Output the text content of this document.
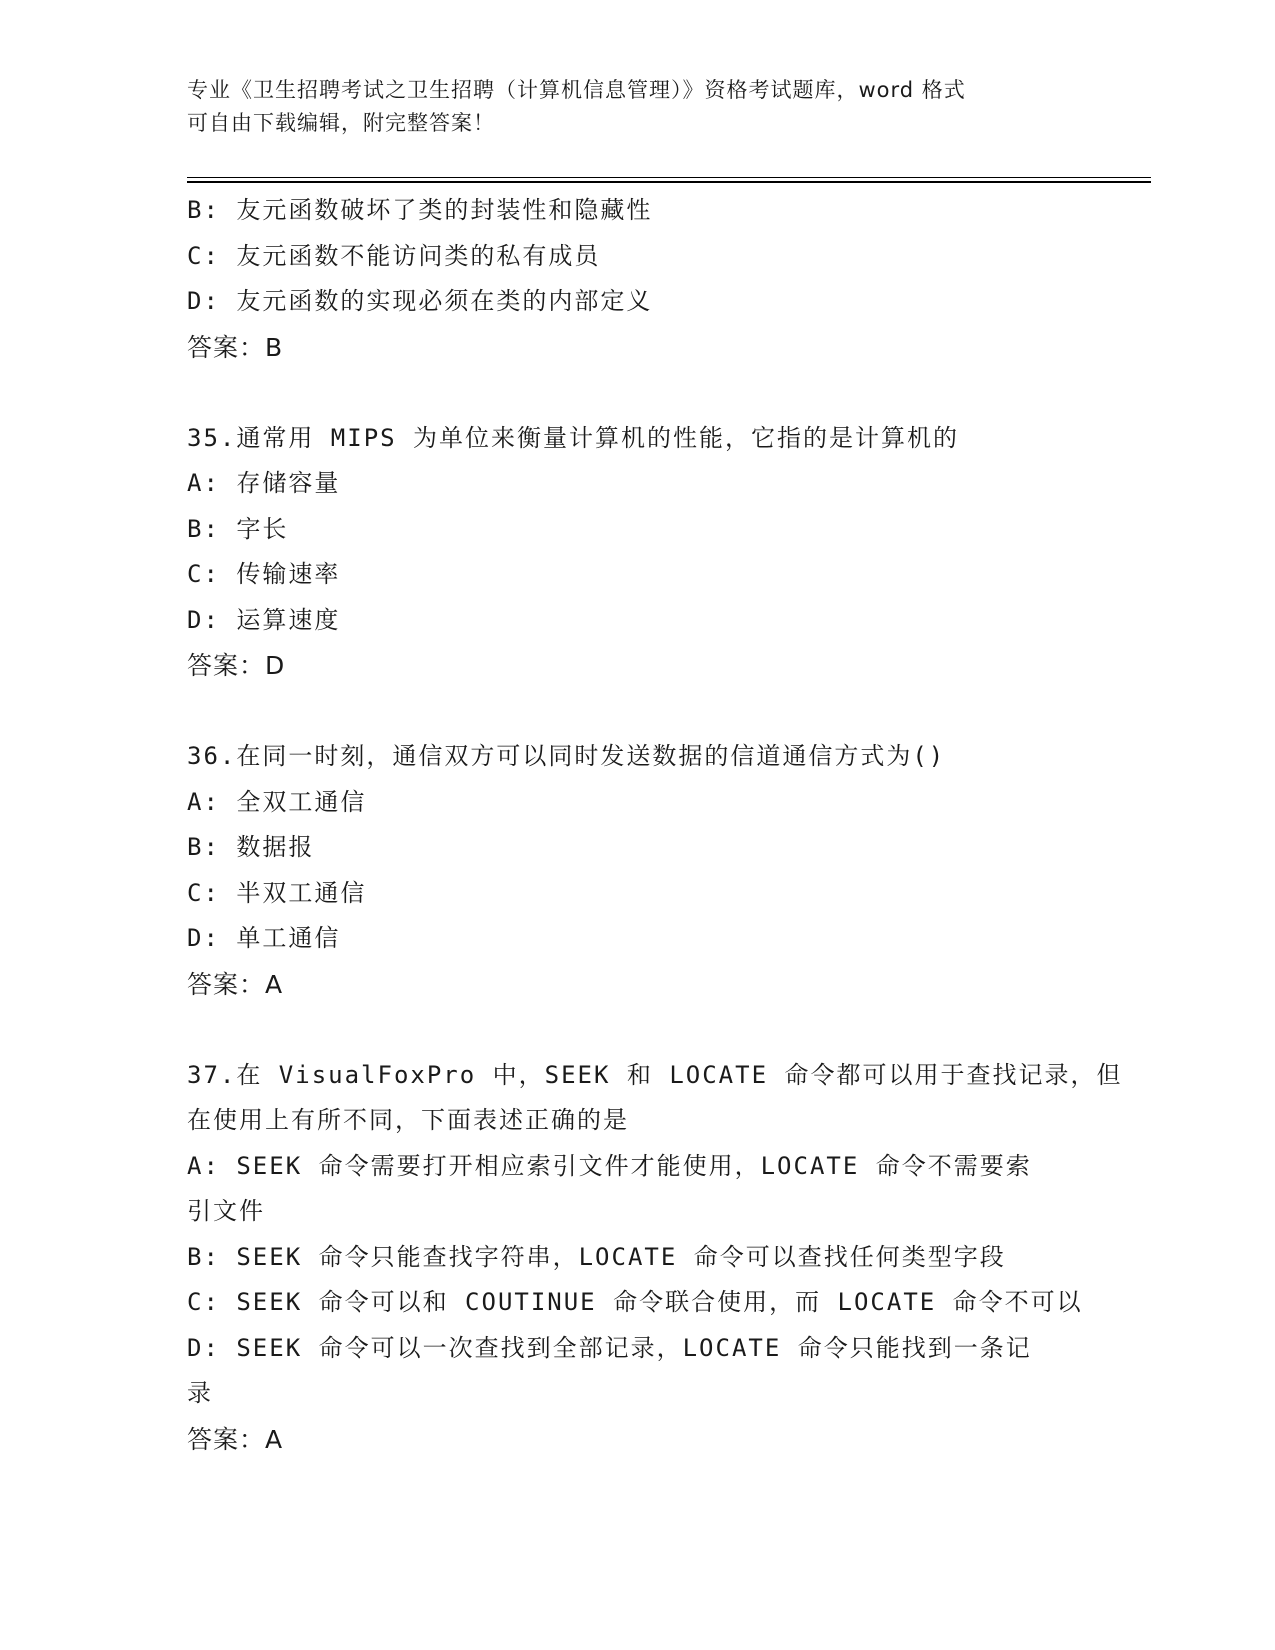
专业《卫生招聘考试之卫生招聘（计算机信息管理）》资格考试题库，word 格式
可自由下载编辑，附完整答案！
B: 友元函数破坏了类的封装性和隐藏性
C: 友元函数不能访问类的私有成员
D: 友元函数的实现必须在类的内部定义
答案：B
35.通常用 MIPS 为单位来衡量计算机的性能，它指的是计算机的
A: 存储容量
B: 字长
C: 传输速率
D: 运算速度
答案：D
36.在同一时刻，通信双方可以同时发送数据的信道通信方式为()
A: 全双工通信
B: 数据报
C: 半双工通信
D: 单工通信
答案：A
37.在 VisualFoxPro 中，SEEK 和 LOCATE 命令都可以用于查找记录，但
在使用上有所不同，下面表述正确的是
A: SEEK 命令需要打开相应索引文件才能使用，LOCATE 命令不需要索
引文件
B: SEEK 命令只能查找字符串，LOCATE 命令可以查找任何类型字段
C: SEEK 命令可以和 COUTINUE 命令联合使用，而 LOCATE 命令不可以
D: SEEK 命令可以一次查找到全部记录，LOCATE 命令只能找到一条记
录
答案：A
